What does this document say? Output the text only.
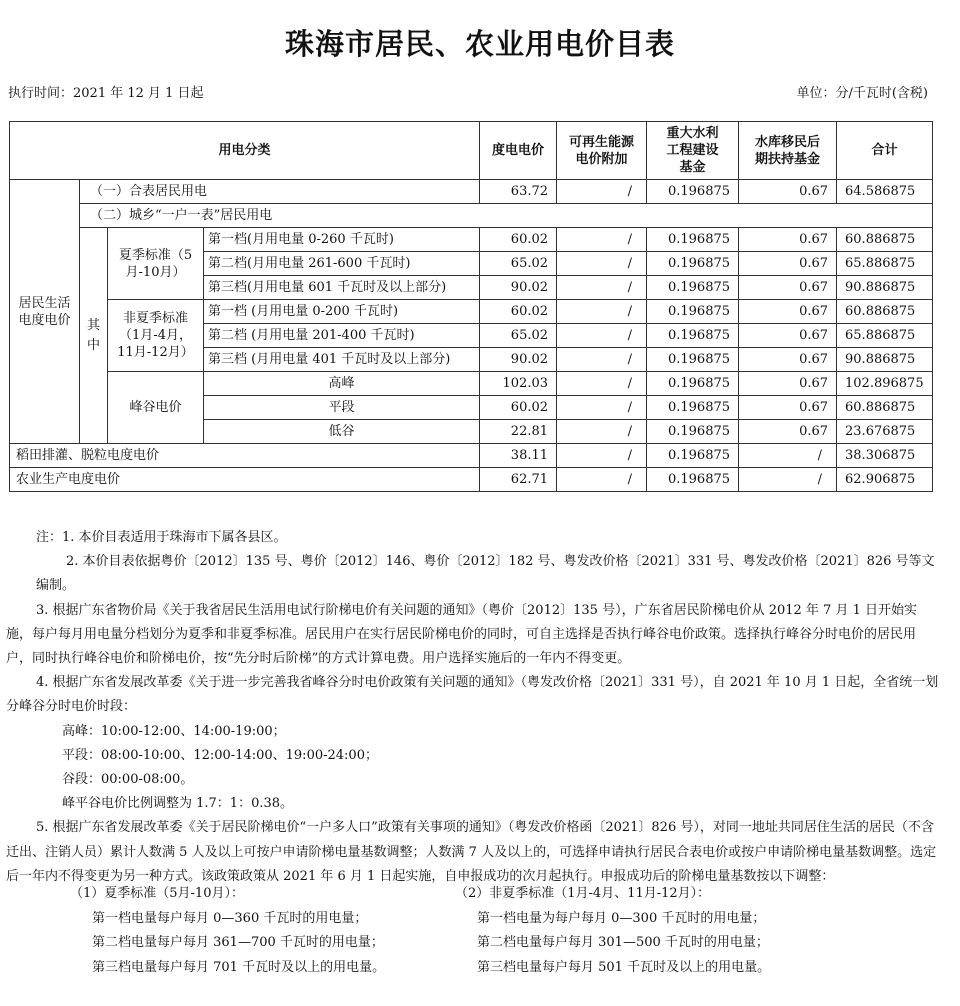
珠海市居民、农业用电价目表
执行时间：2021 年 12 月 1 日起	单位：分/千瓦时(含税)
用电分类				度电电价	可再生能源电价附加	重大水利工程建设基金	水库移民后期扶持基金	合计
居民生活电度电价	（一）合表居民用电			63.72	/	0.196875	0.67	64.586875
	（二）城乡“一户一表”居民用电							
	其中	夏季标准（5月-10月）	第一档(月用电量 0-260 千瓦时)	60.02	/	0.196875	0.67	60.886875
			第二档(月用电量 261-600 千瓦时)	65.02	/	0.196875	0.67	65.886875
			第三档(月用电量 601 千瓦时及以上部分)	90.02	/	0.196875	0.67	90.886875
		非夏季标准（1月-4月，11月-12月）	第一档 (月用电量 0-200 千瓦时)	60.02	/	0.196875	0.67	60.886875
			第二档 (月用电量 201-400 千瓦时)	65.02	/	0.196875	0.67	65.886875
			第三档 (月用电量 401 千瓦时及以上部分)	90.02	/	0.196875	0.67	90.886875
		峰谷电价	高峰	102.03	/	0.196875	0.67	102.896875
			平段	60.02	/	0.196875	0.67	60.886875
			低谷	22.81	/	0.196875	0.67	23.676875
稻田排灌、脱粒电度电价				38.11	/	0.196875	/	38.306875
农业生产电度电价				62.71	/	0.196875	/	62.906875

注：1. 本价目表适用于珠海市下属各县区。

2. 本价目表依据粤价〔2012〕135 号、粤价〔2012〕146、粤价〔2012〕182 号、粤发改价格〔2021〕331 号、粤发改价格〔2021〕826 号等文编制。

3. 根据广东省物价局《关于我省居民生活用电试行阶梯电价有关问题的通知》（粤价〔2012〕135 号），广东省居民阶梯电价从 2012 年 7 月 1 日开始实施，每户每月用电量分档划分为夏季和非夏季标准。居民用户在实行居民阶梯电价的同时，可自主选择是否执行峰谷电价政策。选择执行峰谷分时电价的居民用户，同时执行峰谷电价和阶梯电价，按“先分时后阶梯”的方式计算电费。用户选择实施后的一年内不得变更。

4. 根据广东省发展改革委《关于进一步完善我省峰谷分时电价政策有关问题的通知》（粤发改价格〔2021〕331 号），自 2021 年 10 月 1 日起，全省统一划分峰谷分时电价时段：

高峰：10:00-12:00、14:00-19:00；

平段：08:00-10:00、12:00-14:00、19:00-24:00；

谷段：00:00-08:00。

峰平谷电价比例调整为 1.7：1：0.38。

5. 根据广东省发展改革委《关于居民阶梯电价“一户多人口”政策有关事项的通知》（粤发改价格函〔2021〕826 号），对同一地址共同居住生活的居民（不含迁出、注销人员）累计人数满 5 人及以上可按户申请阶梯电量基数调整；人数满 7 人及以上的，可选择申请执行居民合表电价或按户申请阶梯电量基数调整。选定后一年内不得变更为另一种方式。该政策政策从 2021 年 6 月 1 日起实施，自申报成功的次月起执行。申报成功后的阶梯电量基数按以下调整：

（1）夏季标准（5月-10月）：

第一档电量每户每月 0—360 千瓦时的用电量；

第二档电量每户每月 361—700 千瓦时的用电量；

第三档电量每户每月 701 千瓦时及以上的用电量。

（2）非夏季标准（1月-4月、11月-12月）：

第一档电量为每户每月 0—300 千瓦时的用电量；

第二档电量每户每月 301—500 千瓦时的用电量；

第三档电量每户每月 501 千瓦时及以上的用电量。
